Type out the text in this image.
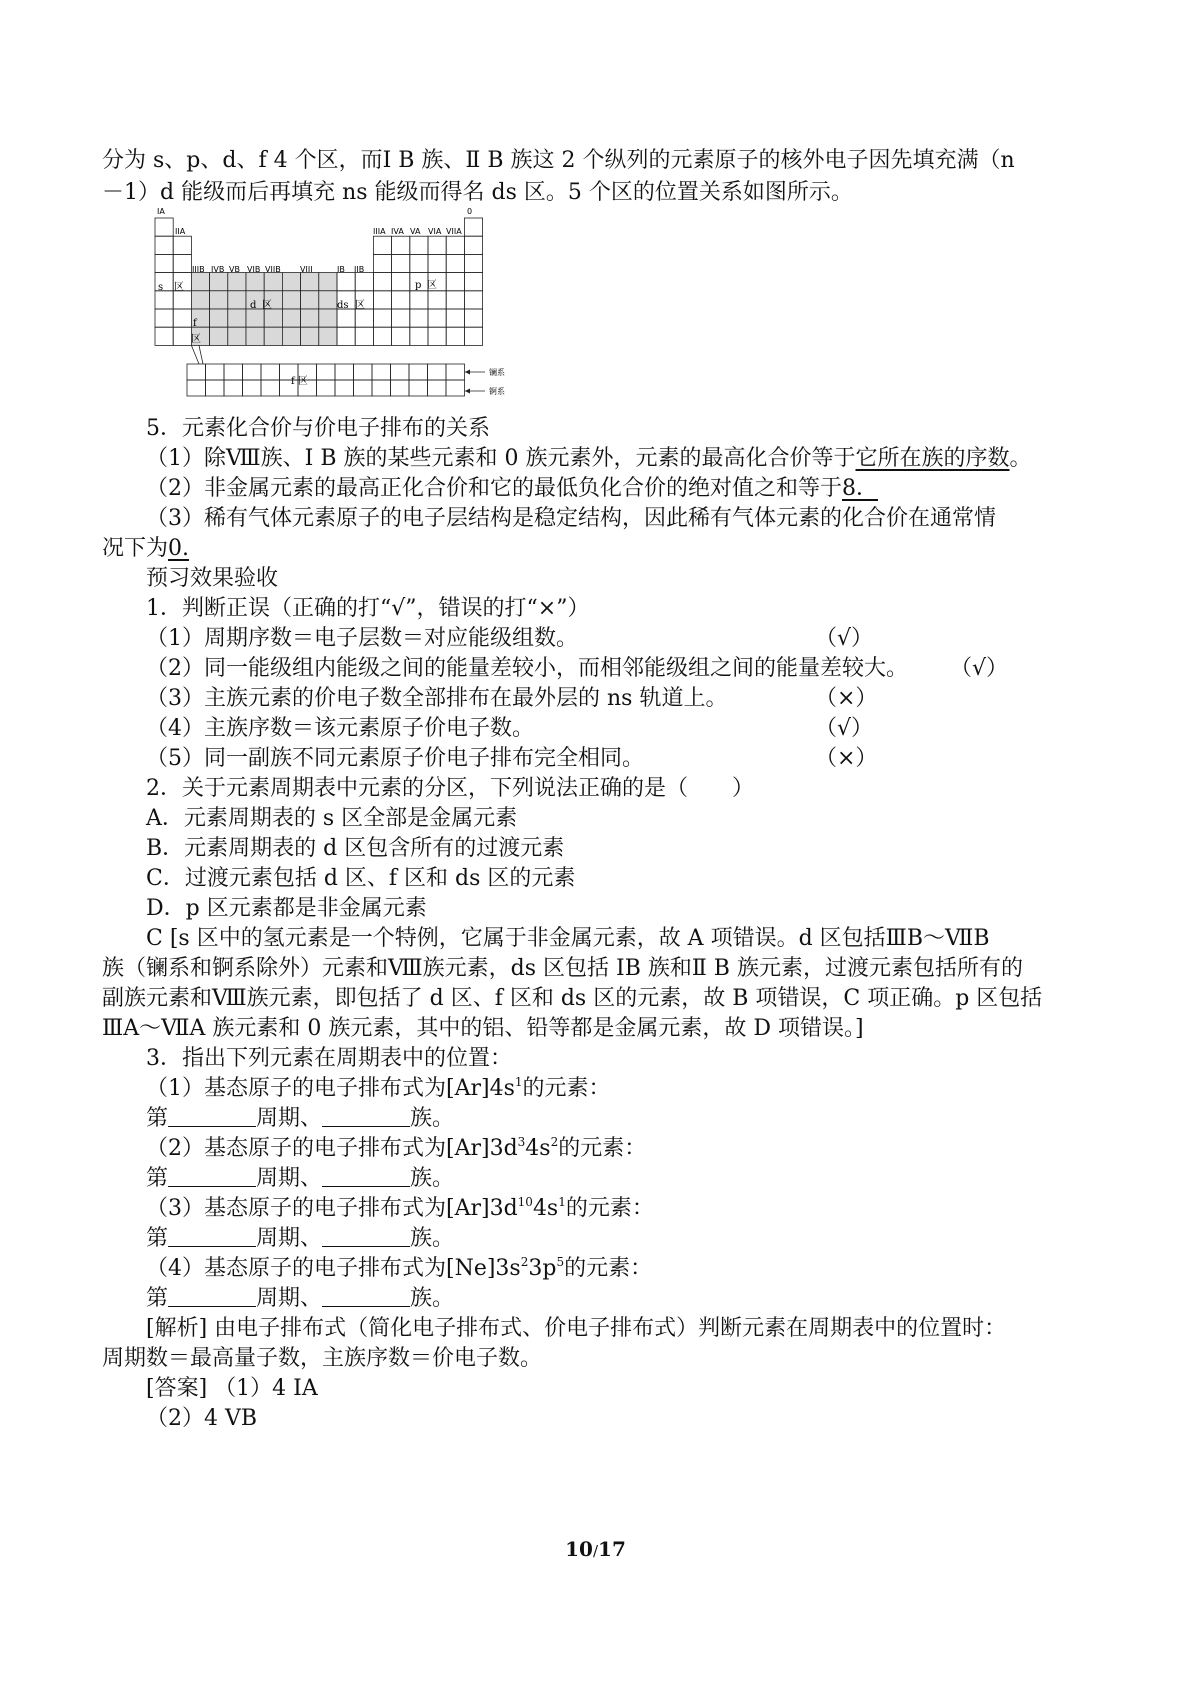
分为 s、p、d、f 4 个区，而Ⅰ B 族、Ⅱ B 族这 2 个纵列的元素原子的核外电子因先填充满（n
－1）d 能级而后再填充 ns 能级而得名 ds 区。5 个区的位置关系如图所示。
IA	0
IIA	IIIA IVA VA VIA VIIA
IIIB IVB VB VIB VIIB VIII	IB IIB
s 区	p 区
d 区	ds 区
f
区
f 区
镧系
锕系
5．元素化合价与价电子排布的关系
（1）除Ⅷ族、Ⅰ B 族的某些元素和 0 族元素外，元素的最高化合价等于它所在族的序数。
（2）非金属元素的最高正化合价和它的最低负化合价的绝对值之和等于8．
（3）稀有气体元素原子的电子层结构是稳定结构，因此稀有气体元素的化合价在通常情
况下为0.
预习效果验收
1．判断正误（正确的打“√”，错误的打“×”）
（1）周期序数＝电子层数＝对应能级组数。	（√）
（2）同一能级组内能级之间的能量差较小，而相邻能级组之间的能量差较大。 （√）
（3）主族元素的价电子数全部排布在最外层的 ns 轨道上。	（×）
（4）主族序数＝该元素原子价电子数。	（√）
（5）同一副族不同元素原子价电子排布完全相同。	（×）
2．关于元素周期表中元素的分区，下列说法正确的是（　　）
A．元素周期表的 s 区全部是金属元素
B．元素周期表的 d 区包含所有的过渡元素
C．过渡元素包括 d 区、f 区和 ds 区的元素
D．p 区元素都是非金属元素
C [s 区中的氢元素是一个特例，它属于非金属元素，故 A 项错误。d 区包括ⅢB～ⅦB
族（镧系和锕系除外）元素和Ⅷ族元素，ds 区包括 IB 族和Ⅱ B 族元素，过渡元素包括所有的
副族元素和Ⅷ族元素，即包括了 d 区、f 区和 ds 区的元素，故 B 项错误，C 项正确。p 区包括
ⅢA～ⅦA 族元素和 0 族元素，其中的铝、铅等都是金属元素，故 D 项错误。]
3．指出下列元素在周期表中的位置：
（1）基态原子的电子排布式为$[Ar]4s^1$的元素：
第	周期、	族。
（2）基态原子的电子排布式为$[Ar]3d^34s^2$的元素：
第	周期、	族。
（3）基态原子的电子排布式为$[Ar]3d^{10}4s^1$的元素：
第	周期、	族。
（4）基态原子的电子排布式为$[Ne]3s^23p^5$的元素：
第	周期、	族。
[解析] 由电子排布式（简化电子排布式、价电子排布式）判断元素在周期表中的位置时：
周期数＝最高量子数，主族序数＝价电子数。
[答案] （1）4 ⅠA
（2）4 ⅤB
10/17
